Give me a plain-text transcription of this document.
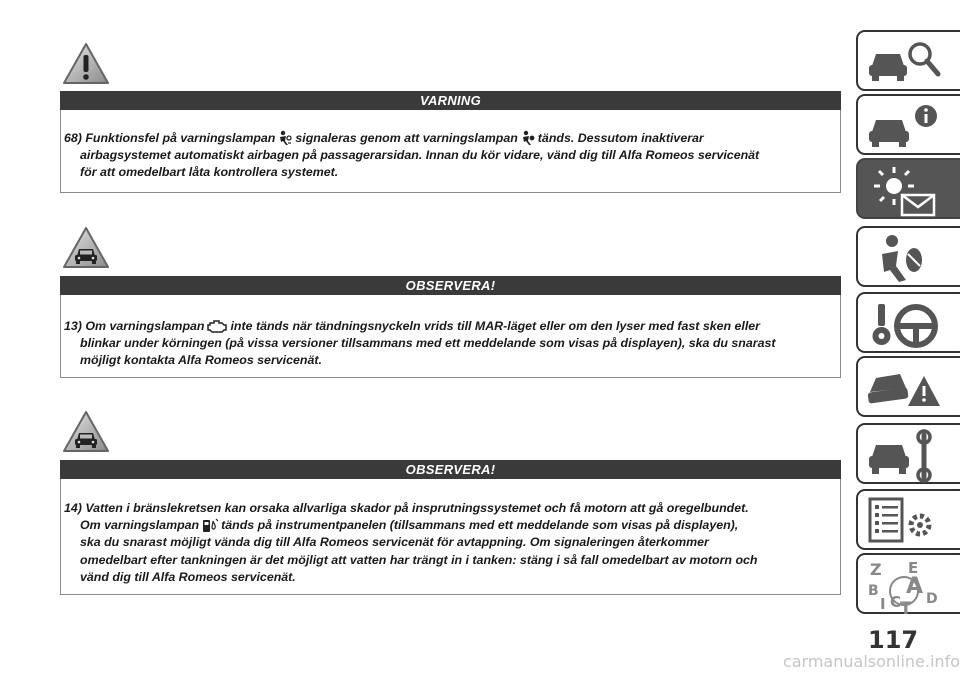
VARNING
68) Funktionsfel på varningslampan signaleras genom att varningslampan tänds. Dessutom inaktiverar
airbagsystemet automatiskt airbagen på passagerarsidan. Innan du kör vidare, vänd dig till Alfa Romeos servicenät
för att omedelbart låta kontrollera systemet.
OBSERVERA!
13) Om varningslampan inte tänds när tändningsnyckeln vrids till MAR-läget eller om den lyser med fast sken eller
blinkar under körningen (på vissa versioner tillsammans med ett meddelande som visas på displayen), ska du snarast
möjligt kontakta Alfa Romeos servicenät.
OBSERVERA!
14) Vatten i bränslekretsen kan orsaka allvarliga skador på insprutningssystemet och få motorn att gå oregelbundet.
Om varningslampan tänds på instrumentpanelen (tillsammans med ett meddelande som visas på displayen),
ska du snarast möjligt vända dig till Alfa Romeos servicenät för avtappning. Om signaleringen återkommer
omedelbart efter tankningen är det möjligt att vatten har trängt in i tanken: stäng i så fall omedelbart av motorn och
vänd dig till Alfa Romeos servicenät.	Z E
B A
I C
T D
117
carmanualsonline.info
